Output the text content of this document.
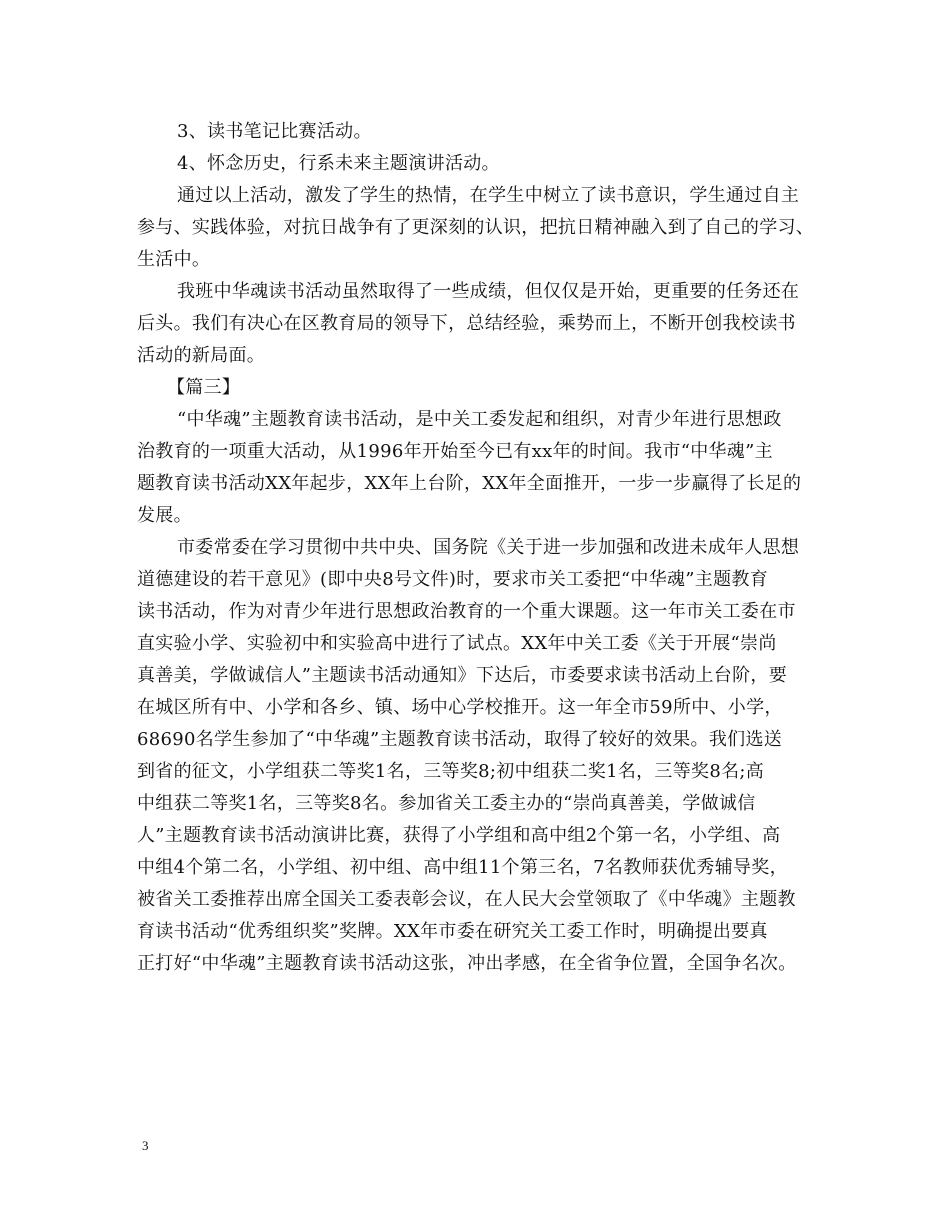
3、读书笔记比赛活动。
4、怀念历史，行系未来主题演讲活动。
通过以上活动，激发了学生的热情，在学生中树立了读书意识，学生通过自主
参与、实践体验，对抗日战争有了更深刻的认识，把抗日精神融入到了自己的学习、
生活中。
我班中华魂读书活动虽然取得了一些成绩，但仅仅是开始，更重要的任务还在
后头。我们有决心在区教育局的领导下，总结经验，乘势而上，不断开创我校读书
活动的新局面。
【篇三】
“中华魂”主题教育读书活动，是中关工委发起和组织，对青少年进行思想政
治教育的一项重大活动，从1996年开始至今已有xx年的时间。我市“中华魂”主
题教育读书活动XX年起步，XX年上台阶，XX年全面推开，一步一步赢得了长足的
发展。
市委常委在学习贯彻中共中央、国务院《关于进一步加强和改进未成年人思想
道德建设的若干意见》(即中央8号文件)时，要求市关工委把“中华魂”主题教育
读书活动，作为对青少年进行思想政治教育的一个重大课题。这一年市关工委在市
直实验小学、实验初中和实验高中进行了试点。XX年中关工委《关于开展“崇尚
真善美，学做诚信人”主题读书活动通知》下达后，市委要求读书活动上台阶，要
在城区所有中、小学和各乡、镇、场中心学校推开。这一年全市59所中、小学，
68690名学生参加了“中华魂”主题教育读书活动，取得了较好的效果。我们选送
到省的征文，小学组获二等奖1名，三等奖8;初中组获二奖1名，三等奖8名;高
中组获二等奖1名，三等奖8名。参加省关工委主办的“崇尚真善美，学做诚信
人”主题教育读书活动演讲比赛，获得了小学组和高中组2个第一名，小学组、高
中组4个第二名，小学组、初中组、高中组11个第三名，7名教师获优秀辅导奖，
被省关工委推荐出席全国关工委表彰会议，在人民大会堂领取了《中华魂》主题教
育读书活动“优秀组织奖”奖牌。XX年市委在研究关工委工作时，明确提出要真
正打好“中华魂”主题教育读书活动这张，冲出孝感，在全省争位置，全国争名次。
3
